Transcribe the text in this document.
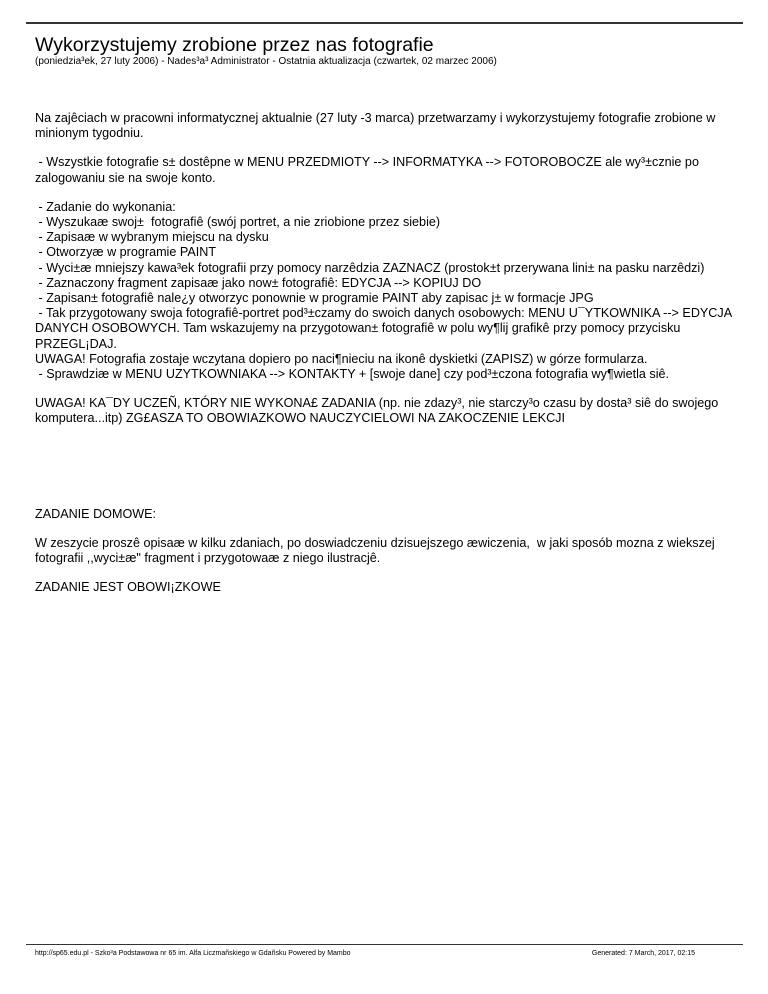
Wykorzystujemy zrobione przez nas fotografie
(poniedzia³ek, 27 luty 2006) - Nades³a³ Administrator - Ostatnia aktualizacja (czwartek, 02 marzec 2006)

Na zajêciach w pracowni informatycznej aktualnie (27 luty -3 marca) przetwarzamy i wykorzystujemy fotografie zrobione w minionym tygodniu.

- Wszystkie fotografie s± dostêpne w MENU PRZEDMIOTY --> INFORMATYKA --> FOTOROBOCZE ale wy³±cznie po zalogowaniu sie na swoje konto.

- Zadanie do wykonania:
- Wyszukaæ swoj±  fotografiê (swój portret, a nie zriobione przez siebie)
- Zapisaæ w wybranym miejscu na dysku
- Otworzyæ w programie PAINT
- Wyci±æ mniejszy kawa³ek fotografii przy pomocy narzêdzia ZAZNACZ (prostok±t przerywana lini± na pasku narzêdzi)
- Zaznaczony fragment zapisaæ jako now± fotografiê: EDYCJA --> KOPIUJ DO
- Zapisan± fotografiê nale¿y otworzyc ponownie w programie PAINT aby zapisac j± w formacje JPG
- Tak przygotowany swoja fotografiê-portret pod³±czamy do swoich danych osobowych: MENU U¯YTKOWNIKA --> EDYCJA DANYCH OSOBOWYCH. Tam wskazujemy na przygotowan± fotografiê w polu wy¶lij grafikê przy pomocy przycisku PRZEGL¡DAJ.
UWAGA! Fotografia zostaje wczytana dopiero po naci¶nieciu na ikonê dyskietki (ZAPISZ) w górze formularza.
- Sprawdziæ w MENU UZYTKOWNIAKA --> KONTAKTY + [swoje dane] czy pod³±czona fotografia wy¶wietla siê.

UWAGA! KA¯DY UCZEÑ, KTÓRY NIE WYKONA£ ZADANIA (np. nie zdazy³, nie starczy³o czasu by dosta³ siê do swojego komputera...itp) ZG£ASZA TO OBOWIAZKOWO NAUCZYCIELOWI NA ZAKOCZENIE LEKCJI

ZADANIE DOMOWE:

W zeszycie proszê opisaæ w kilku zdaniach, po doswiadczeniu dzisuejszego æwiczenia,  w jaki sposób mozna z wiekszej fotografii ,,wyci±æ" fragment i przygotowaæ z niego ilustracjê.

ZADANIE JEST OBOWI¡ZKOWE

http://sp65.edu.pl - Szko³a Podstawowa nr 65 im. Alfa Liczmañskiego w Gdañsku Powered by Mambo	Generated: 7 March, 2017, 02:15
